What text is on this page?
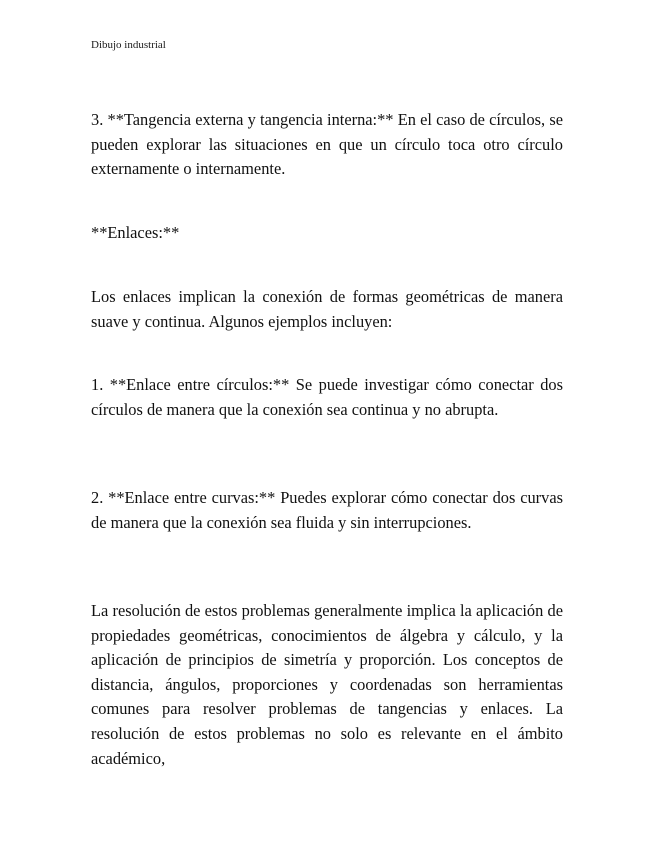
Dibujo industrial

3. **Tangencia externa y tangencia interna:** En el caso de círculos, se pueden explorar las situaciones en que un círculo toca otro círculo externamente o internamente.

**Enlaces:**

Los enlaces implican la conexión de formas geométricas de manera suave y continua. Algunos ejemplos incluyen:

1. **Enlace entre círculos:** Se puede investigar cómo conectar dos círculos de manera que la conexión sea continua y no abrupta.

2. **Enlace entre curvas:** Puedes explorar cómo conectar dos curvas de manera que la conexión sea fluida y sin interrupciones.

La resolución de estos problemas generalmente implica la aplicación de propiedades geométricas, conocimientos de álgebra y cálculo, y la aplicación de principios de simetría y proporción. Los conceptos de distancia, ángulos, proporciones y coordenadas son herramientas comunes para resolver problemas de tangencias y enlaces. La resolución de estos problemas no solo es relevante en el ámbito académico,
